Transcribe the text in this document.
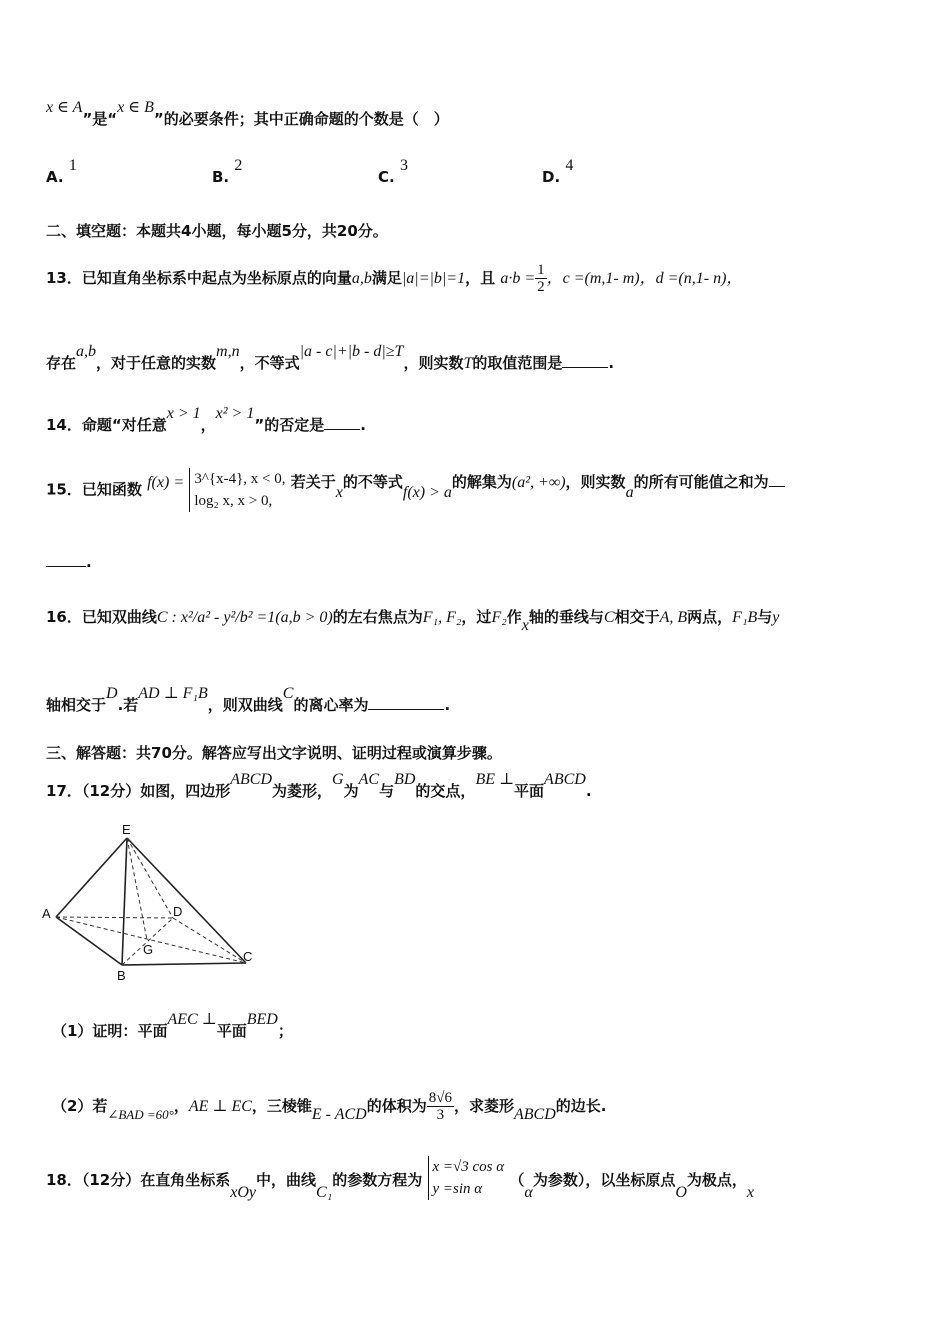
x ∈ A”是“x ∈ B”的必要条件；其中正确命题的个数是（　）
A. 1
B. 2
C. 3
D. 4
二、填空题：本题共4小题，每小题5分，共20分。
13．已知直角坐标系中起点为坐标原点的向量a,b满足|a|=|b|=1，且 $a\cdot b = \frac{1}{2}$ ，c =(m,1- m)，d =(n,1- n)，
存在a,b，对于任意的实数m,n，不等式|a - c|+|b - d|≥T，则实数T的取值范围是	.
14．命题“对任意x > 1，x² > 1”的否定是 .
15．已知函数 f(x) = 3^{x-4}, x < 0,
log₂ x, x > 0, 若关于x的不等式f(x) > a的解集为(a², +∞)，则实数a的所有可能值之和为
.
16．已知双曲线C : x²/a² - y²/b² =1(a,b > 0)的左右焦点为F₁, F₂，过F₂作x轴的垂线与C相交于A, B两点，F₁B与y
轴相交于D.若AD ⊥ F₁B，则双曲线C的离心率为	.
三、解答题：共70分。解答应写出文字说明、证明过程或演算步骤。
17．（12分）如图，四边形ABCD为菱形，G为AC与BD的交点，BE ⊥平面ABCD.
E
A	D
G
B
C
（1）证明：平面AEC ⊥平面BED；
（2）若∠BAD =60°，AE ⊥ EC，三棱锥E - ACD的体积为 $\frac{8√6}{3}$ ，求菱形ABCD的边长.
18．（12分）在直角坐标系xOy中，曲线C₁的参数方程为 x =√3 cos α
y =sin α （α为参数），以坐标原点O为极点，x
